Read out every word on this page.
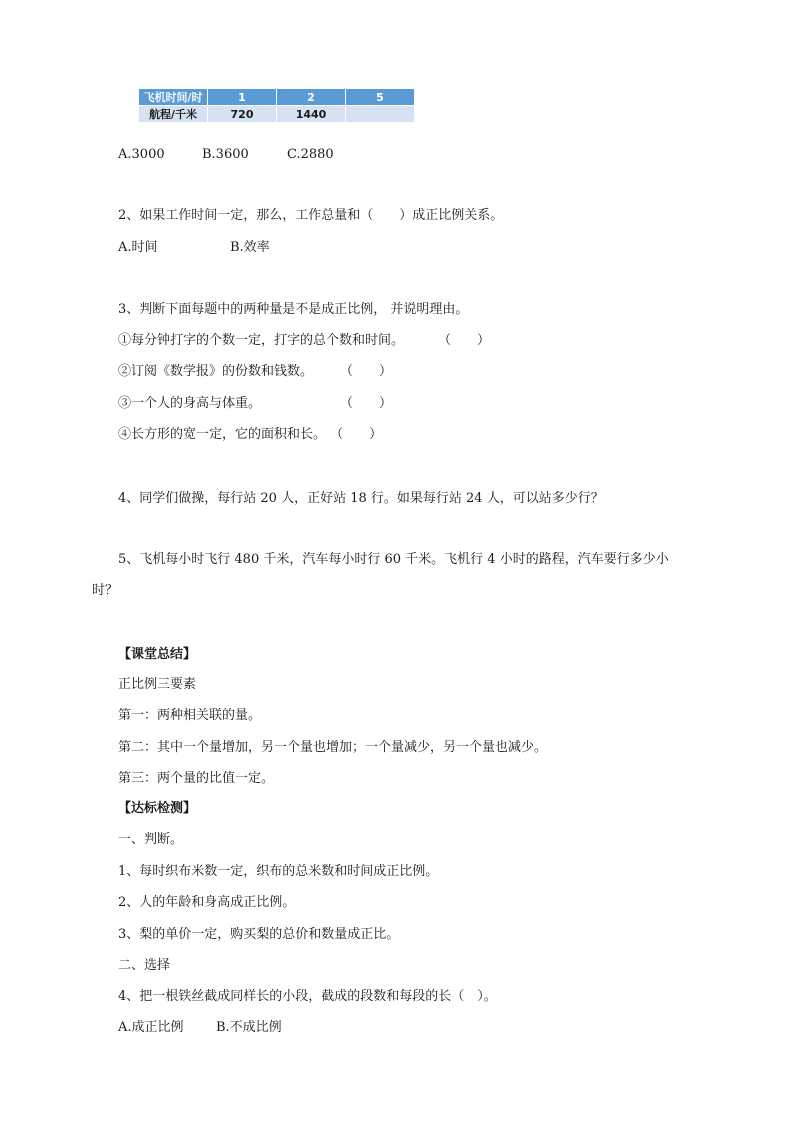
飞机时间/时	1	2	5
航程/千米	720	1440	
A.3000	B.3600	C.2880
2、如果工作时间一定，那么，工作总量和（　　）成正比例关系。
A.时间	B.效率
3、判断下面每题中的两种量是不是成正比例， 并说明理由。
①每分钟打字的个数一定，打字的总个数和时间。	（　　）
②订阅《数学报》的份数和钱数。 （　　）
③一个人的身高与体重。	（　　）
④长方形的宽一定，它的面积和长。 （　　）
4、同学们做操，每行站 20 人，正好站 18 行。如果每行站 24 人，可以站多少行？
5、飞机每小时飞行 480 千米，汽车每小时行 60 千米。飞机行 4 小时的路程，汽车要行多少小
时？
【课堂总结】
正比例三要素
第一：两种相关联的量。
第二：其中一个量增加，另一个量也增加；一个量减少，另一个量也减少。
第三：两个量的比值一定。
【达标检测】
一、判断。
1、每时织布米数一定，织布的总米数和时间成正比例。
2、人的年龄和身高成正比例。
3、梨的单价一定，购买梨的总价和数量成正比。
二、选择
4、把一根铁丝截成同样长的小段，截成的段数和每段的长（　）。
A.成正比例 B.不成比例
